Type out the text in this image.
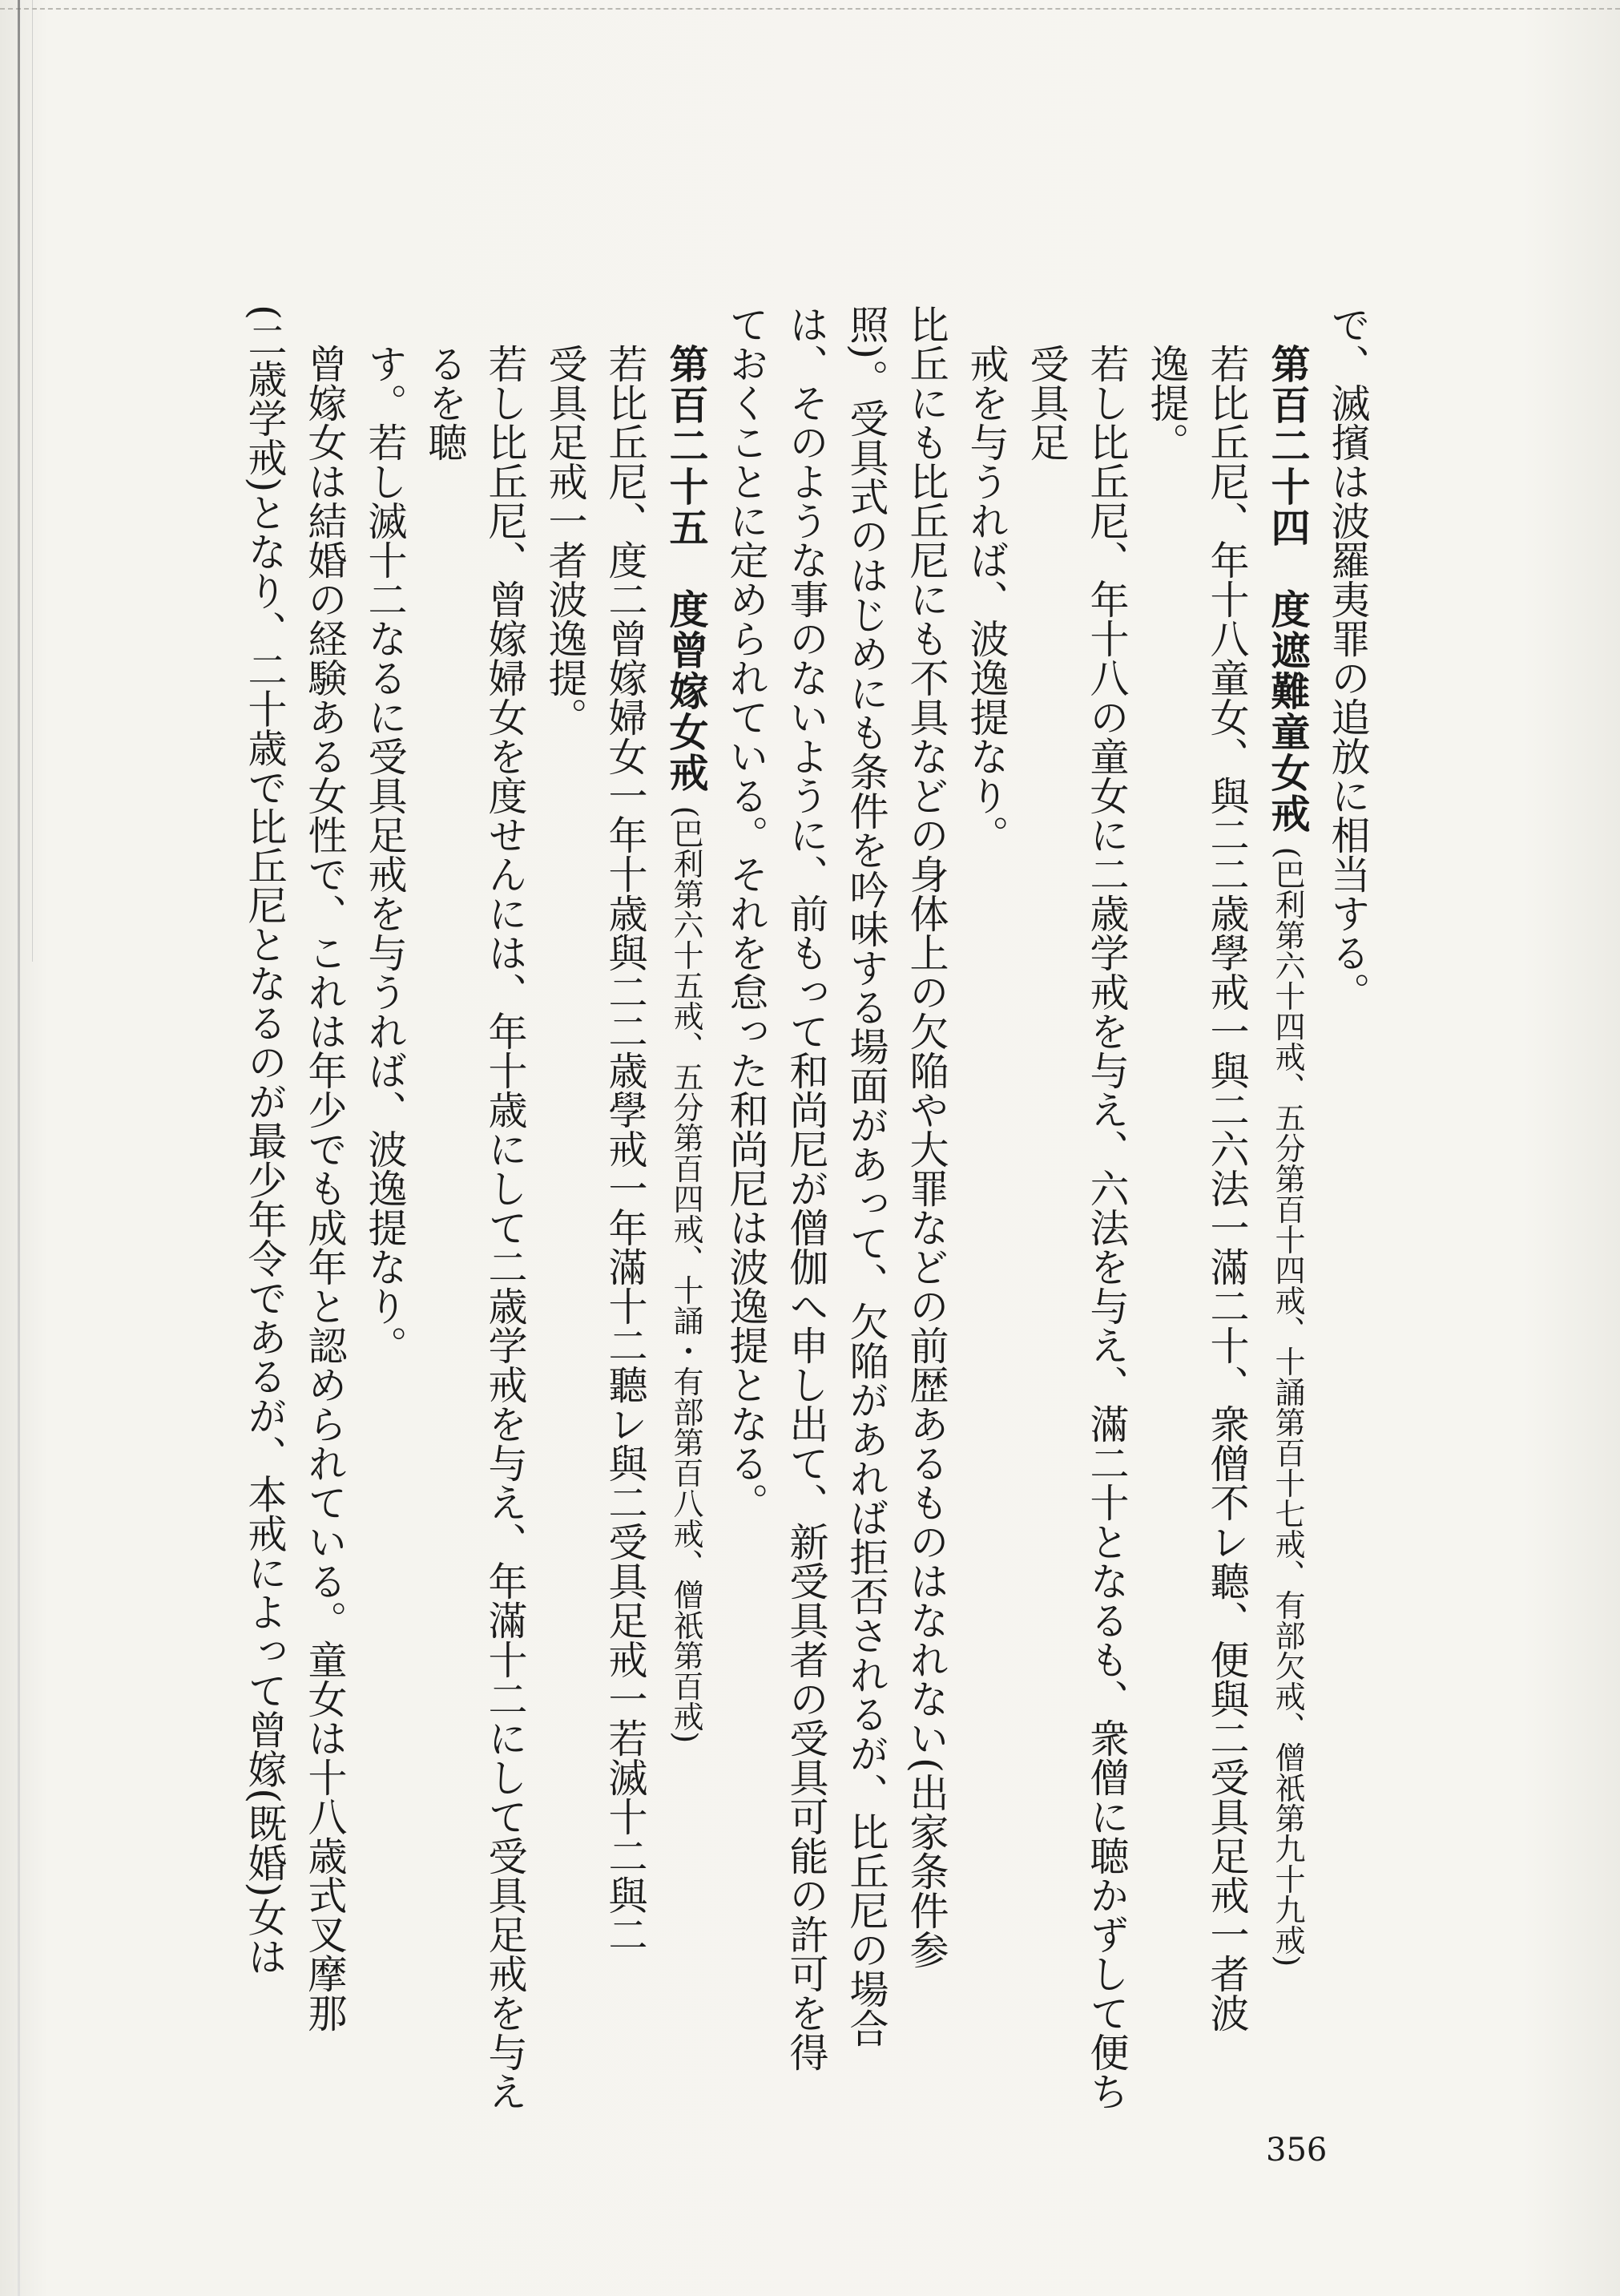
で、滅擯は波羅夷罪の追放に相当する。

第百二十四　度遮難童女戒 (巴利第六十四戒、五分第百十四戒、十誦第百十七戒、有部欠戒、僧祇第九十九戒)

若比丘尼、年十八童女、與二二歳學戒一與二六法一滿二十、衆僧不レ聽、便與二受具足戒一者波

逸提。

若し比丘尼、年十八の童女に二歳学戒を与え、六法を与え、滿二十となるも、衆僧に聴かずして便ち受具足

戒を与うれば、波逸提なり。

比丘にも比丘尼にも不具などの身体上の欠陥や大罪などの前歴あるものはなれない(出家条件参

照)。受具式のはじめにも条件を吟味する場面があって、欠陥があれば拒否されるが、比丘尼の場合

は、そのような事のないように、前もって和尚尼が僧伽へ申し出て、新受具者の受具可能の許可を得

ておくことに定められている。それを怠った和尚尼は波逸提となる。

第百二十五　度曾嫁女戒 (巴利第六十五戒、五分第百四戒、十誦・有部第百八戒、僧祇第百戒)

若比丘尼、度二曾嫁婦女一年十歳與二二歳學戒一年滿十二聽レ與二受具足戒一若滅十二與二

受具足戒一者波逸提。

若し比丘尼、曾嫁婦女を度せんには、年十歳にして二歳学戒を与え、年滿十二にして受具足戒を与えるを聴

す。若し滅十二なるに受具足戒を与うれば、波逸提なり。

曾嫁女は結婚の経験ある女性で、これは年少でも成年と認められている。童女は十八歳式叉摩那

(二歳学戒)となり、二十歳で比丘尼となるのが最少年令であるが、本戒によって曾嫁(既婚)女は

356
